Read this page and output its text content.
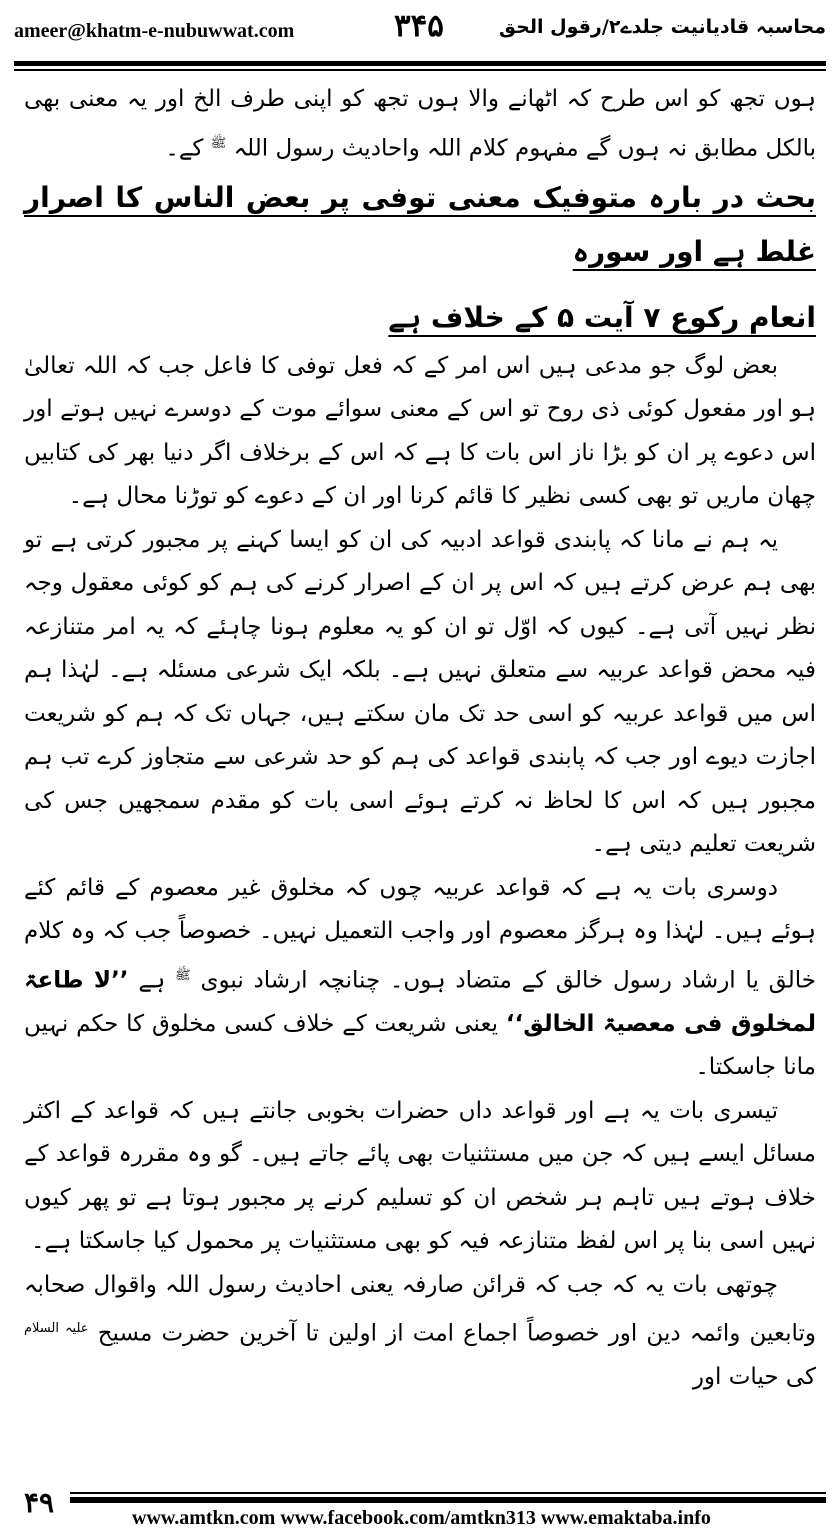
ameer@khatm-e-nubuwwat.com	۳۴۵	محاسبہ قادیانیت جلدے۲/رقول الحق

ہوں تجھ کو اس طرح کہ اٹھانے والا ہوں تجھ کو اپنی طرف الخ اور یہ معنی بھی بالکل مطابق نہ ہوں گے مفہوم کلام اللہ واحادیث رسول اللہ $^ﷺ$ کے۔

بحث در بارہ متوفیک معنی توفی پر بعض الناس کا اصرار غلط ہے اور سورہ

انعام رکوع ۷ آیت ۵ کے خلاف ہے

بعض لوگ جو مدعی ہیں اس امر کے کہ فعل توفی کا فاعل جب کہ اللہ تعالیٰ ہو اور مفعول کوئی ذی روح تو اس کے معنی سوائے موت کے دوسرے نہیں ہوتے اور اس دعوے پر ان کو بڑا ناز اس بات کا ہے کہ اس کے برخلاف اگر دنیا بھر کی کتابیں چھان ماریں تو بھی کسی نظیر کا قائم کرنا اور ان کے دعوے کو توڑنا محال ہے۔

یہ ہم نے مانا کہ پابندی قواعد ادبیہ کی ان کو ایسا کہنے پر مجبور کرتی ہے تو بھی ہم عرض کرتے ہیں کہ اس پر ان کے اصرار کرنے کی ہم کو کوئی معقول وجہ نظر نہیں آتی ہے۔ کیوں کہ اوّل تو ان کو یہ معلوم ہونا چاہئے کہ یہ امر متنازعہ فیہ محض قواعد عربیہ سے متعلق نہیں ہے۔ بلکہ ایک شرعی مسئلہ ہے۔ لہٰذا ہم اس میں قواعد عربیہ کو اسی حد تک مان سکتے ہیں، جہاں تک کہ ہم کو شریعت اجازت دیوے اور جب کہ پابندی قواعد کی ہم کو حد شرعی سے متجاوز کرے تب ہم مجبور ہیں کہ اس کا لحاظ نہ کرتے ہوئے اسی بات کو مقدم سمجھیں جس کی شریعت تعلیم دیتی ہے۔

دوسری بات یہ ہے کہ قواعد عربیہ چوں کہ مخلوق غیر معصوم کے قائم کئے ہوئے ہیں۔ لہٰذا وہ ہرگز معصوم اور واجب التعمیل نہیں۔ خصوصاً جب کہ وہ کلام خالق یا ارشاد رسول خالق کے متضاد ہوں۔ چنانچہ ارشاد نبوی $^ﷺ$ ہے ’’لا طاعۃ لمخلوق فی معصیۃ الخالق‘‘ یعنی شریعت کے خلاف کسی مخلوق کا حکم نہیں مانا جاسکتا۔

تیسری بات یہ ہے اور قواعد داں حضرات بخوبی جانتے ہیں کہ قواعد کے اکثر مسائل ایسے ہیں کہ جن میں مستثنیات بھی پائے جاتے ہیں۔ گو وہ مقررہ قواعد کے خلاف ہوتے ہیں تاہم ہر شخص ان کو تسلیم کرنے پر مجبور ہوتا ہے تو پھر کیوں نہیں اسی بنا پر اس لفظ متنازعہ فیہ کو بھی مستثنیات پر محمول کیا جاسکتا ہے۔

چوتھی بات یہ کہ جب کہ قرائن صارفہ یعنی احادیث رسول اللہ واقوال صحابہ وتابعین وائمہ دین اور خصوصاً اجماع امت از اولین تا آخرین حضرت مسیح $^{علیہ السلام}$ کی حیات اور

۴۹	www.amtkn.com www.facebook.com/amtkn313 www.emaktaba.info
